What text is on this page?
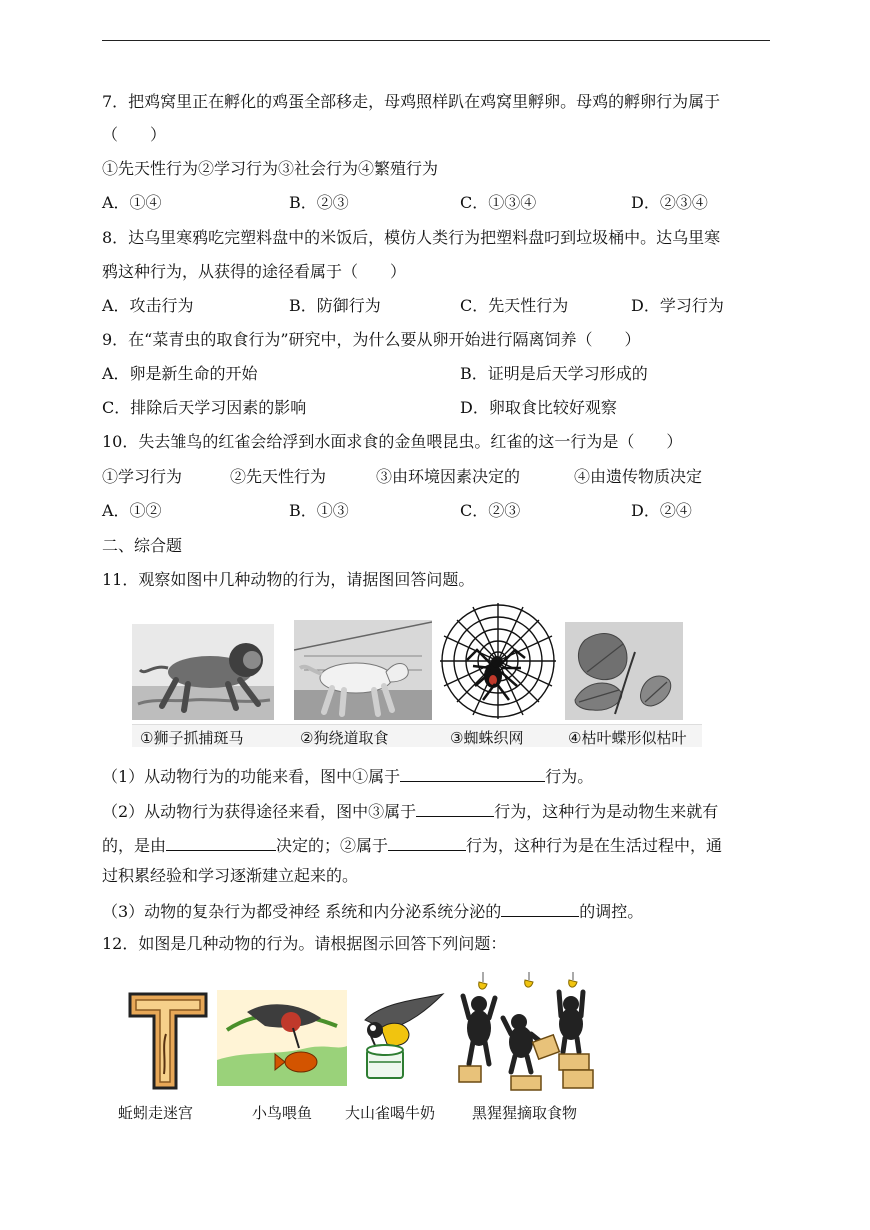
7．把鸡窝里正在孵化的鸡蛋全部移走，母鸡照样趴在鸡窝里孵卵。母鸡的孵卵行为属于
（　　）
①先天性行为②学习行为③社会行为④繁殖行为
A．①④	B．②③	C．①③④	D．②③④
8．达乌里寒鸦吃完塑料盘中的米饭后，模仿人类行为把塑料盘叼到垃圾桶中。达乌里寒
鸦这种行为，从获得的途径看属于（　　）
A．攻击行为	B．防御行为	C．先天性行为	D．学习行为
9．在“菜青虫的取食行为”研究中，为什么要从卵开始进行隔离饲养（　　）
A．卵是新生命的开始	B．证明是后天学习形成的
C．排除后天学习因素的影响	D．卵取食比较好观察
10．失去雏鸟的红雀会给浮到水面求食的金鱼喂昆虫。红雀的这一行为是（　　）
①学习行为	②先天性行为	③由环境因素决定的	④由遗传物质决定
A．①②	B．①③	C．②③	D．②④
二、综合题
11．观察如图中几种动物的行为，请据图回答问题。
①狮子抓捕斑马	②狗绕道取食	③蜘蛛织网	④枯叶蝶形似枯叶
（1）从动物行为的功能来看，图中①属于	行为。
（2）从动物行为获得途径来看，图中③属于	行为，这种行为是动物生来就有
的，是由	决定的；②属于	行为，这种行为是在生活过程中，通
过积累经验和学习逐渐建立起来的。
（3）动物的复杂行为都受神经 系统和内分泌系统分泌的	的调控。
12．如图是几种动物的行为。请根据图示回答下列问题：
蚯蚓走迷宫	小鸟喂鱼 大山雀喝牛奶 黑猩猩摘取食物
